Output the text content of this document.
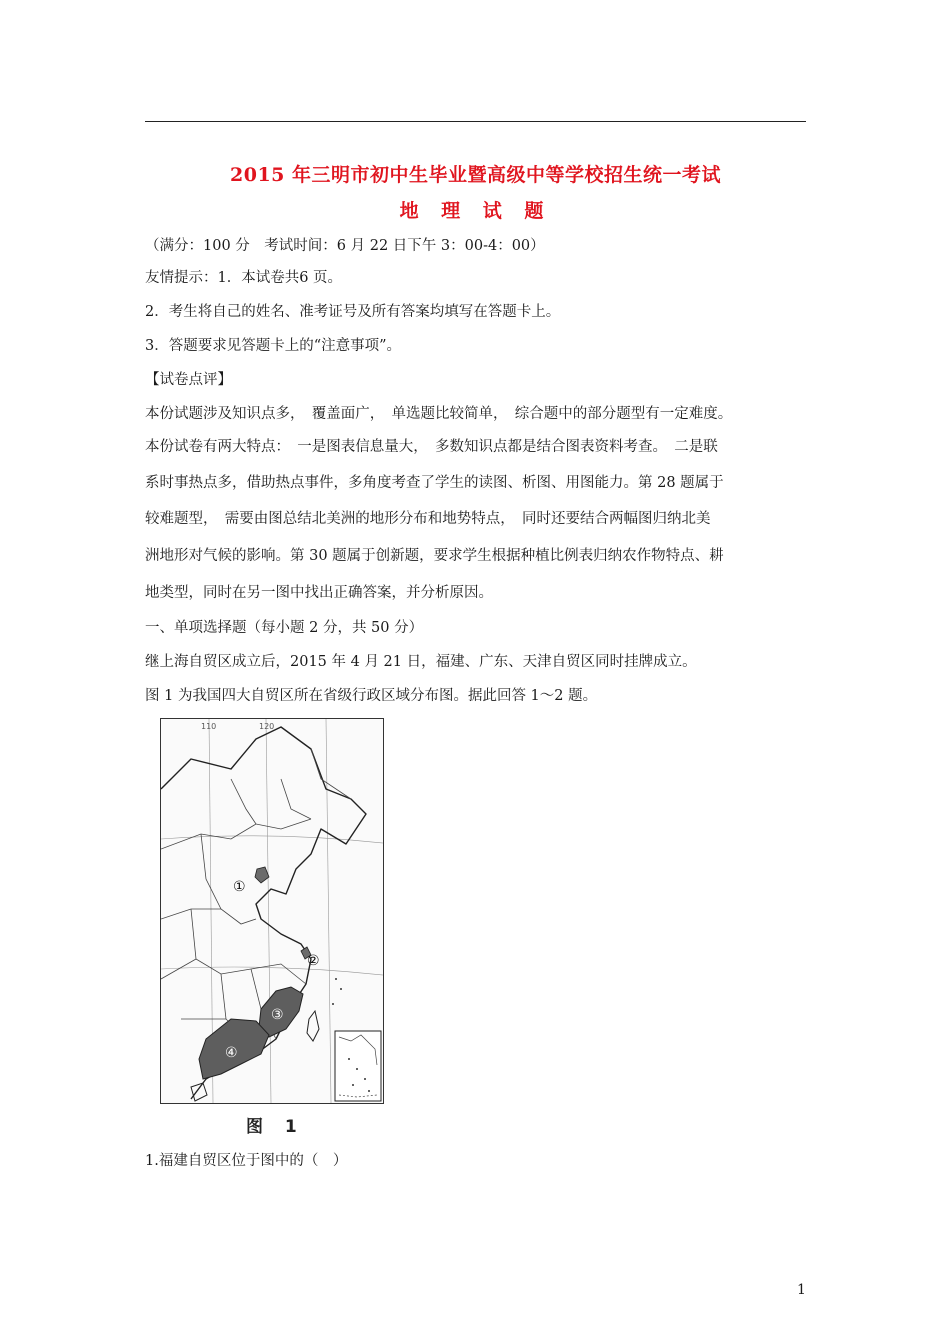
2015 年三明市初中生毕业暨高级中等学校招生统一考试
地 理 试 题
（满分：100 分　考试时间：6 月 22 日下午 3：00-4：00）
友情提示：1．本试卷共6 页。
2．考生将自己的姓名、准考证号及所有答案均填写在答题卡上。
3．答题要求见答题卡上的“注意事项”。
【试卷点评】
本份试题涉及知识点多，　覆盖面广，　单选题比较简单，　综合题中的部分题型有一定难度。
本份试卷有两大特点：　一是图表信息量大，　多数知识点都是结合图表资料考查。　二是联
系时事热点多，借助热点事件，多角度考查了学生的读图、析图、用图能力。第 28 题属于
较难题型，　需要由图总结北美洲的地形分布和地势特点，　同时还要结合两幅图归纳北美
洲地形对气候的影响。第 30 题属于创新题，要求学生根据种植比例表归纳农作物特点、耕
地类型，同时在另一图中找出正确答案，并分析原因。
一、单项选择题（每小题 2 分，共 50 分）
继上海自贸区成立后，2015 年 4 月 21 日，福建、广东、天津自贸区同时挂牌成立。
图 1 为我国四大自贸区所在省级行政区域分布图。据此回答 1～2 题。
110	120
①
②
③
④
图 1
1.福建自贸区位于图中的（　）
1
